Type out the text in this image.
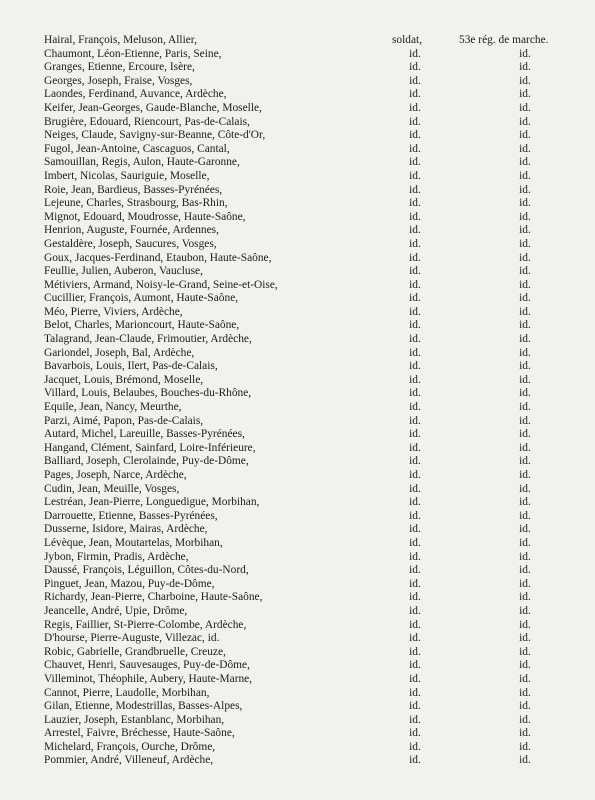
Hairal, François, Meluson, Allier,	soldat,	53e rég. de marche.
Chaumont, Léon-Etienne, Paris, Seine,	id.	id.
Granges, Etienne, Ercoure, Isère,	id.	id.
Georges, Joseph, Fraise, Vosges,	id.	id.
Laondes, Ferdinand, Auvance, Ardèche,	id.	id.
Keifer, Jean-Georges, Gaude-Blanche, Moselle,	id.	id.
Brugière, Edouard, Riencourt, Pas-de-Calais,	id.	id.
Neiges, Claude, Savigny-sur-Beanne, Côte-d'Or,	id.	id.
Fugol, Jean-Antoine, Cascaguos, Cantal,	id.	id.
Samouillan, Regis, Aulon, Haute-Garonne,	id.	id.
Imbert, Nicolas, Sauriguie, Moselle,	id.	id.
Roie, Jean, Bardieus, Basses-Pyrénées,	id.	id.
Lejeune, Charles, Strasbourg, Bas-Rhin,	id.	id.
Mignot, Edouard, Moudrosse, Haute-Saône,	id.	id.
Henrion, Auguste, Fournée, Ardennes,	id.	id.
Gestaldère, Joseph, Saucures, Vosges,	id.	id.
Goux, Jacques-Ferdinand, Etaubon, Haute-Saône,	id.	id.
Feullie, Julien, Auberon, Vaucluse,	id.	id.
Métiviers, Armand, Noisy-le-Grand, Seine-et-Oise,	id.	id.
Cucillier, François, Aumont, Haute-Saône,	id.	id.
Méo, Pierre, Viviers, Ardèche,	id.	id.
Belot, Charles, Marioncourt, Haute-Saône,	id.	id.
Talagrand, Jean-Claude, Frimoutier, Ardèche,	id.	id.
Gariondel, Joseph, Bal, Ardèche,	id.	id.
Bavarbois, Louis, Ilert, Pas-de-Calais,	id.	id.
Jacquet, Louis, Brémond, Moselle,	id.	id.
Villard, Louis, Belaubes, Bouches-du-Rhône,	id.	id.
Equile, Jean, Nancy, Meurthe,	id.	id.
Parzi, Aimé, Papon, Pas-de-Calais,	id.	id.
Autard, Michel, Lareuille, Basses-Pyrénées,	id.	id.
Hangand, Clément, Sainfard, Loire-Inférieure,	id.	id.
Balliard, Joseph, Clerolainde, Puy-de-Dôme,	id.	id.
Pages, Joseph, Narce, Ardèche,	id.	id.
Cudin, Jean, Meuille, Vosges,	id.	id.
Lestréan, Jean-Pierre, Longuedigue, Morbihan,	id.	id.
Darrouette, Etienne, Basses-Pyrénées,	id.	id.
Dusserne, Isidore, Mairas, Ardèche,	id.	id.
Lévèque, Jean, Moutartelas, Morbihan,	id.	id.
Jybon, Firmin, Pradis, Ardèche,	id.	id.
Daussé, François, Léguillon, Côtes-du-Nord,	id.	id.
Pinguet, Jean, Mazou, Puy-de-Dôme,	id.	id.
Richardy, Jean-Pierre, Charboine, Haute-Saône,	id.	id.
Jeancelle, André, Upie, Drôme,	id.	id.
Regis, Faillier, St-Pierre-Colombe, Ardèche,	id.	id.
D'hourse, Pierre-Auguste, Villezac, id.	id.	id.
Robic, Gabrielle, Grandbruelle, Creuze,	id.	id.
Chauvet, Henri, Sauvesauges, Puy-de-Dôme,	id.	id.
Villeminot, Théophile, Aubery, Haute-Marne,	id.	id.
Cannot, Pierre, Laudolle, Morbihan,	id.	id.
Gilan, Etienne, Modestrillas, Basses-Alpes,	id.	id.
Lauzier, Joseph, Estanblanc, Morbihan,	id.	id.
Arrestel, Faivre, Bréchesse, Haute-Saône,	id.	id.
Michelard, François, Ourche, Drôme,	id.	id.
Pommier, André, Villeneuf, Ardèche,	id.	id.
